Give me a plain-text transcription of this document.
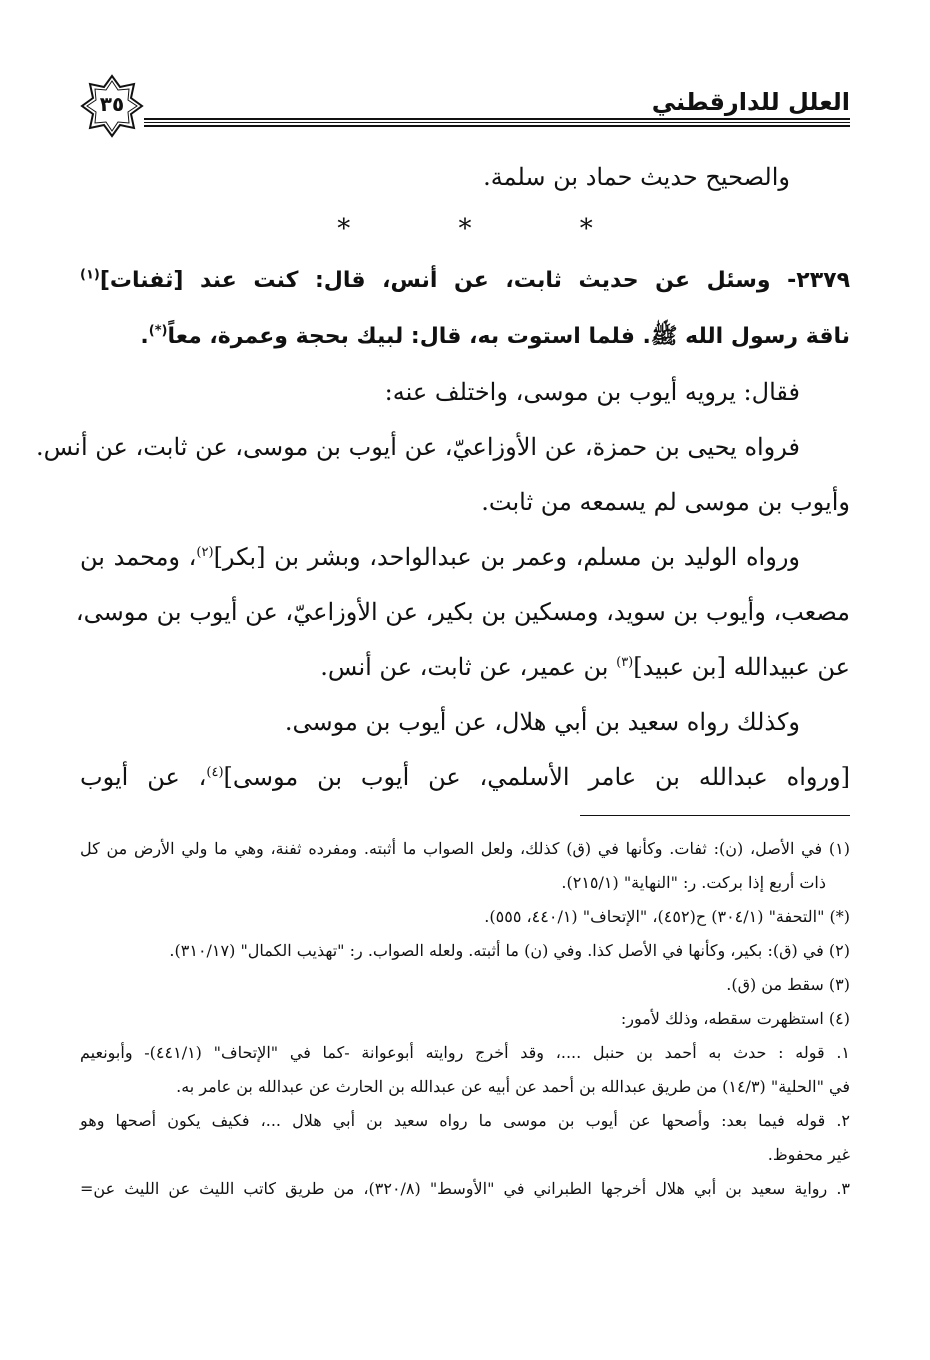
٣٥	العلل للدارقطني
والصحيح حديث حماد بن سلمة.
* * *
٢٣٧٩- وسئل عن حديث ثابت، عن أنس، قال: كنت عند [ثفنات]$^{(١)}$
ناقة رسول الله ﷺ. فلما استوت به، قال: لبيك بحجة وعمرة، معاً(*).
فقال: يرويه أيوب بن موسى، واختلف عنه:
فرواه يحيى بن حمزة، عن الأوزاعيّ، عن أيوب بن موسى، عن ثابت، عن أنس.
وأيوب بن موسى لم يسمعه من ثابت.
ورواه الوليد بن مسلم، وعمر بن عبدالواحد، وبشر بن [بكر]$^{(٢)}$، ومحمد بن
مصعب، وأيوب بن سويد، ومسكين بن بكير، عن الأوزاعيّ، عن أيوب بن موسى،
عن عبيدالله [بن عبيد]$^{(٣)}$ بن عمير، عن ثابت، عن أنس.
وكذلك رواه سعيد بن أبي هلال، عن أيوب بن موسى.
[ورواه عبدالله بن عامر الأسلمي، عن أيوب بن موسى]$^{(٤)}$، عن أيوب
(١) في الأصل، (ن): ثفات. وكأنها في (ق) كذلك، ولعل الصواب ما أثبته. ومفرده ثفنة، وهي ما ولي الأرض من كل
ذات أربع إذا بركت. ر: "النهاية" (٢١٥/١).
(*) "التحفة" (٣٠٤/١) ح(٤٥٢)، "الإتحاف" (٤٤٠/١، ٥٥٥).
(٢) في (ق): بكير، وكأنها في الأصل كذا. وفي (ن) ما أثبته. ولعله الصواب. ر: "تهذيب الكمال" (٣١٠/١٧).
(٣) سقط من (ق).
(٤) استظهرت سقطه، وذلك لأمور:
١. قوله : حدث به أحمد بن حنبل ....، وقد أخرج روايته أبوعوانة -كما في "الإتحاف" (٤٤١/١)- وأبونعيم
في "الحلية" (١٤/٣) من طريق عبدالله بن أحمد عن أبيه عن عبدالله بن الحارث عن عبدالله بن عامر به.
٢. قوله فيما بعد: وأصحها عن أيوب بن موسى ما رواه سعيد بن أبي هلال ...، فكيف يكون أصحها وهو
غير محفوظ.
٣. رواية سعيد بن أبي هلال أخرجها الطبراني في "الأوسط" (٣٢٠/٨)، من طريق كاتب الليث عن الليث عن=
